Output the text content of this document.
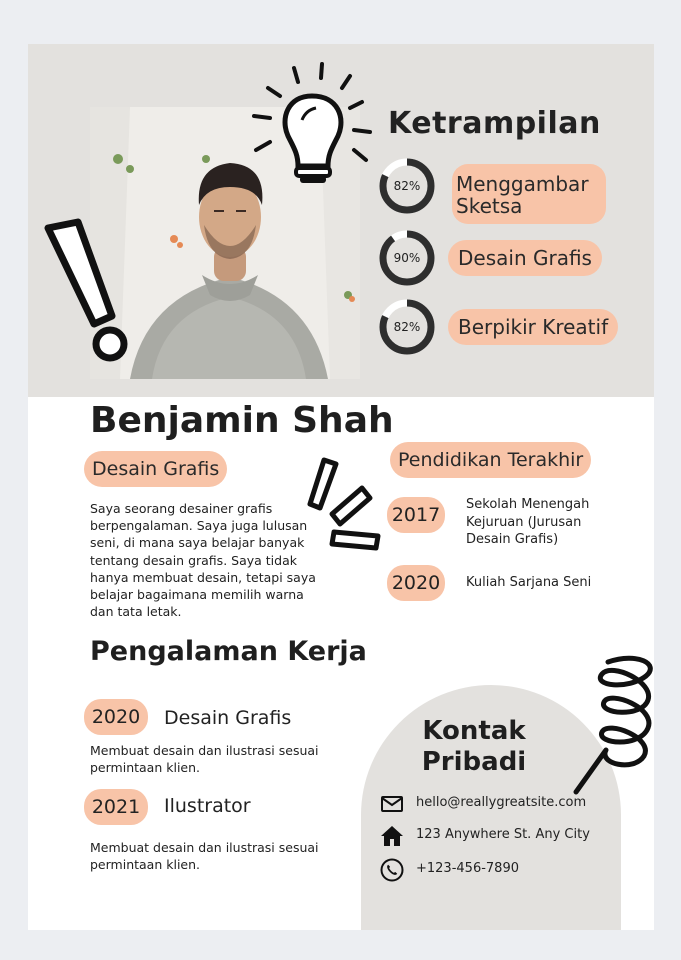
Ketrampilan
82%	Menggambar
Sketsa
90%	Desain Grafis
82%	Berpikir Kreatif
Benjamin Shah
Desain Grafis
Saya seorang desainer grafis
berpengalaman. Saya juga lulusan
seni, di mana saya belajar banyak
tentang desain grafis. Saya tidak
hanya membuat desain, tetapi saya
belajar bagaimana memilih warna
dan tata letak.
Pendidikan Terakhir
2017	Sekolah Menengah
Kejuruan (Jurusan
Desain Grafis)
2020	Kuliah Sarjana Seni
Pengalaman Kerja
2020	Desain Grafis
Membuat desain dan ilustrasi sesuai
permintaan klien.
2021	Ilustrator
Membuat desain dan ilustrasi sesuai
permintaan klien.
Kontak
Pribadi
hello@reallygreatsite.com
123 Anywhere St. Any City
+123-456-7890
